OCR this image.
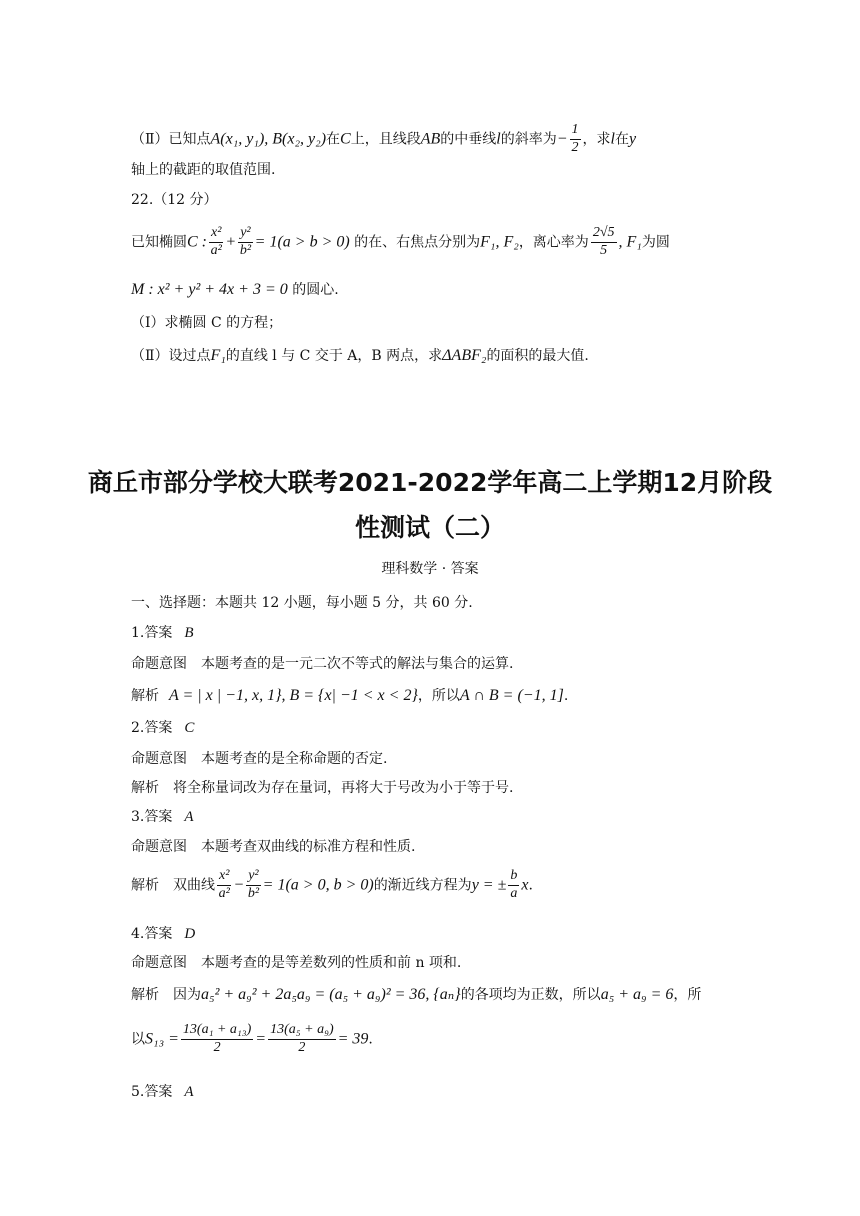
（Ⅱ）已知点A(x₁, y₁), B(x₂, y₂)在C上，且线段AB的中垂线l的斜率为− $\frac{1}{2}$ ，求l在y
轴上的截距的取值范围.
22.（12 分）
已知椭圆C : $\frac{\text{x²}}{\text{a²}} + \frac{\text{y²}}{\text{b²}} = 1(a > b > 0)$ 的在、右焦点分别为F₁, F₂，离心率为 $\frac{2√5}{5}$ , F₁为圆
M : x² + y² + 4x + 3 = 0 的圆心.
（Ⅰ）求椭圆 C 的方程；
（Ⅱ）设过点F₁的直线 l 与 C 交于 A，B 两点，求ΔABF₂的面积的最大值.
商丘市部分学校大联考2021-2022学年高二上学期12月阶段
性测试（二）
理科数学 · 答案
一、选择题：本题共 12 小题，每小题 5 分，共 60 分.
1.答案 B
命题意图　本题考查的是一元二次不等式的解法与集合的运算.
解析 A = | x | −1, x, 1}, B = {x| −1 < x < 2}，所以A ∩ B = (−1, 1].
2.答案 C
命题意图　本题考查的是全称命题的否定.
解析　将全称量词改为存在量词，再将大于号改为小于等于号.
3.答案 A
命题意图　本题考查双曲线的标准方程和性质.
解析　双曲线 $\frac{\text{x²}}{\text{a²}} - \frac{\text{y²}}{\text{b²}} = 1(a > 0$, b > 0)的渐近线方程为y = ± $\frac{b}{a} x$.
4.答案 D
命题意图　本题考查的是等差数列的性质和前 n 项和.
解析　因为a₅² + a₉² + 2a₅a₉ = (a₅ + a₉)² = 36, {aₙ}的各项均为正数，所以a₅ + a₉ = 6，所
以$S_{13} = \frac{\text{13(a₁ + a₁₃)}}{2} = \frac{\text{13(a₅ + a₉)}}{2} = 39$.
5.答案 A
